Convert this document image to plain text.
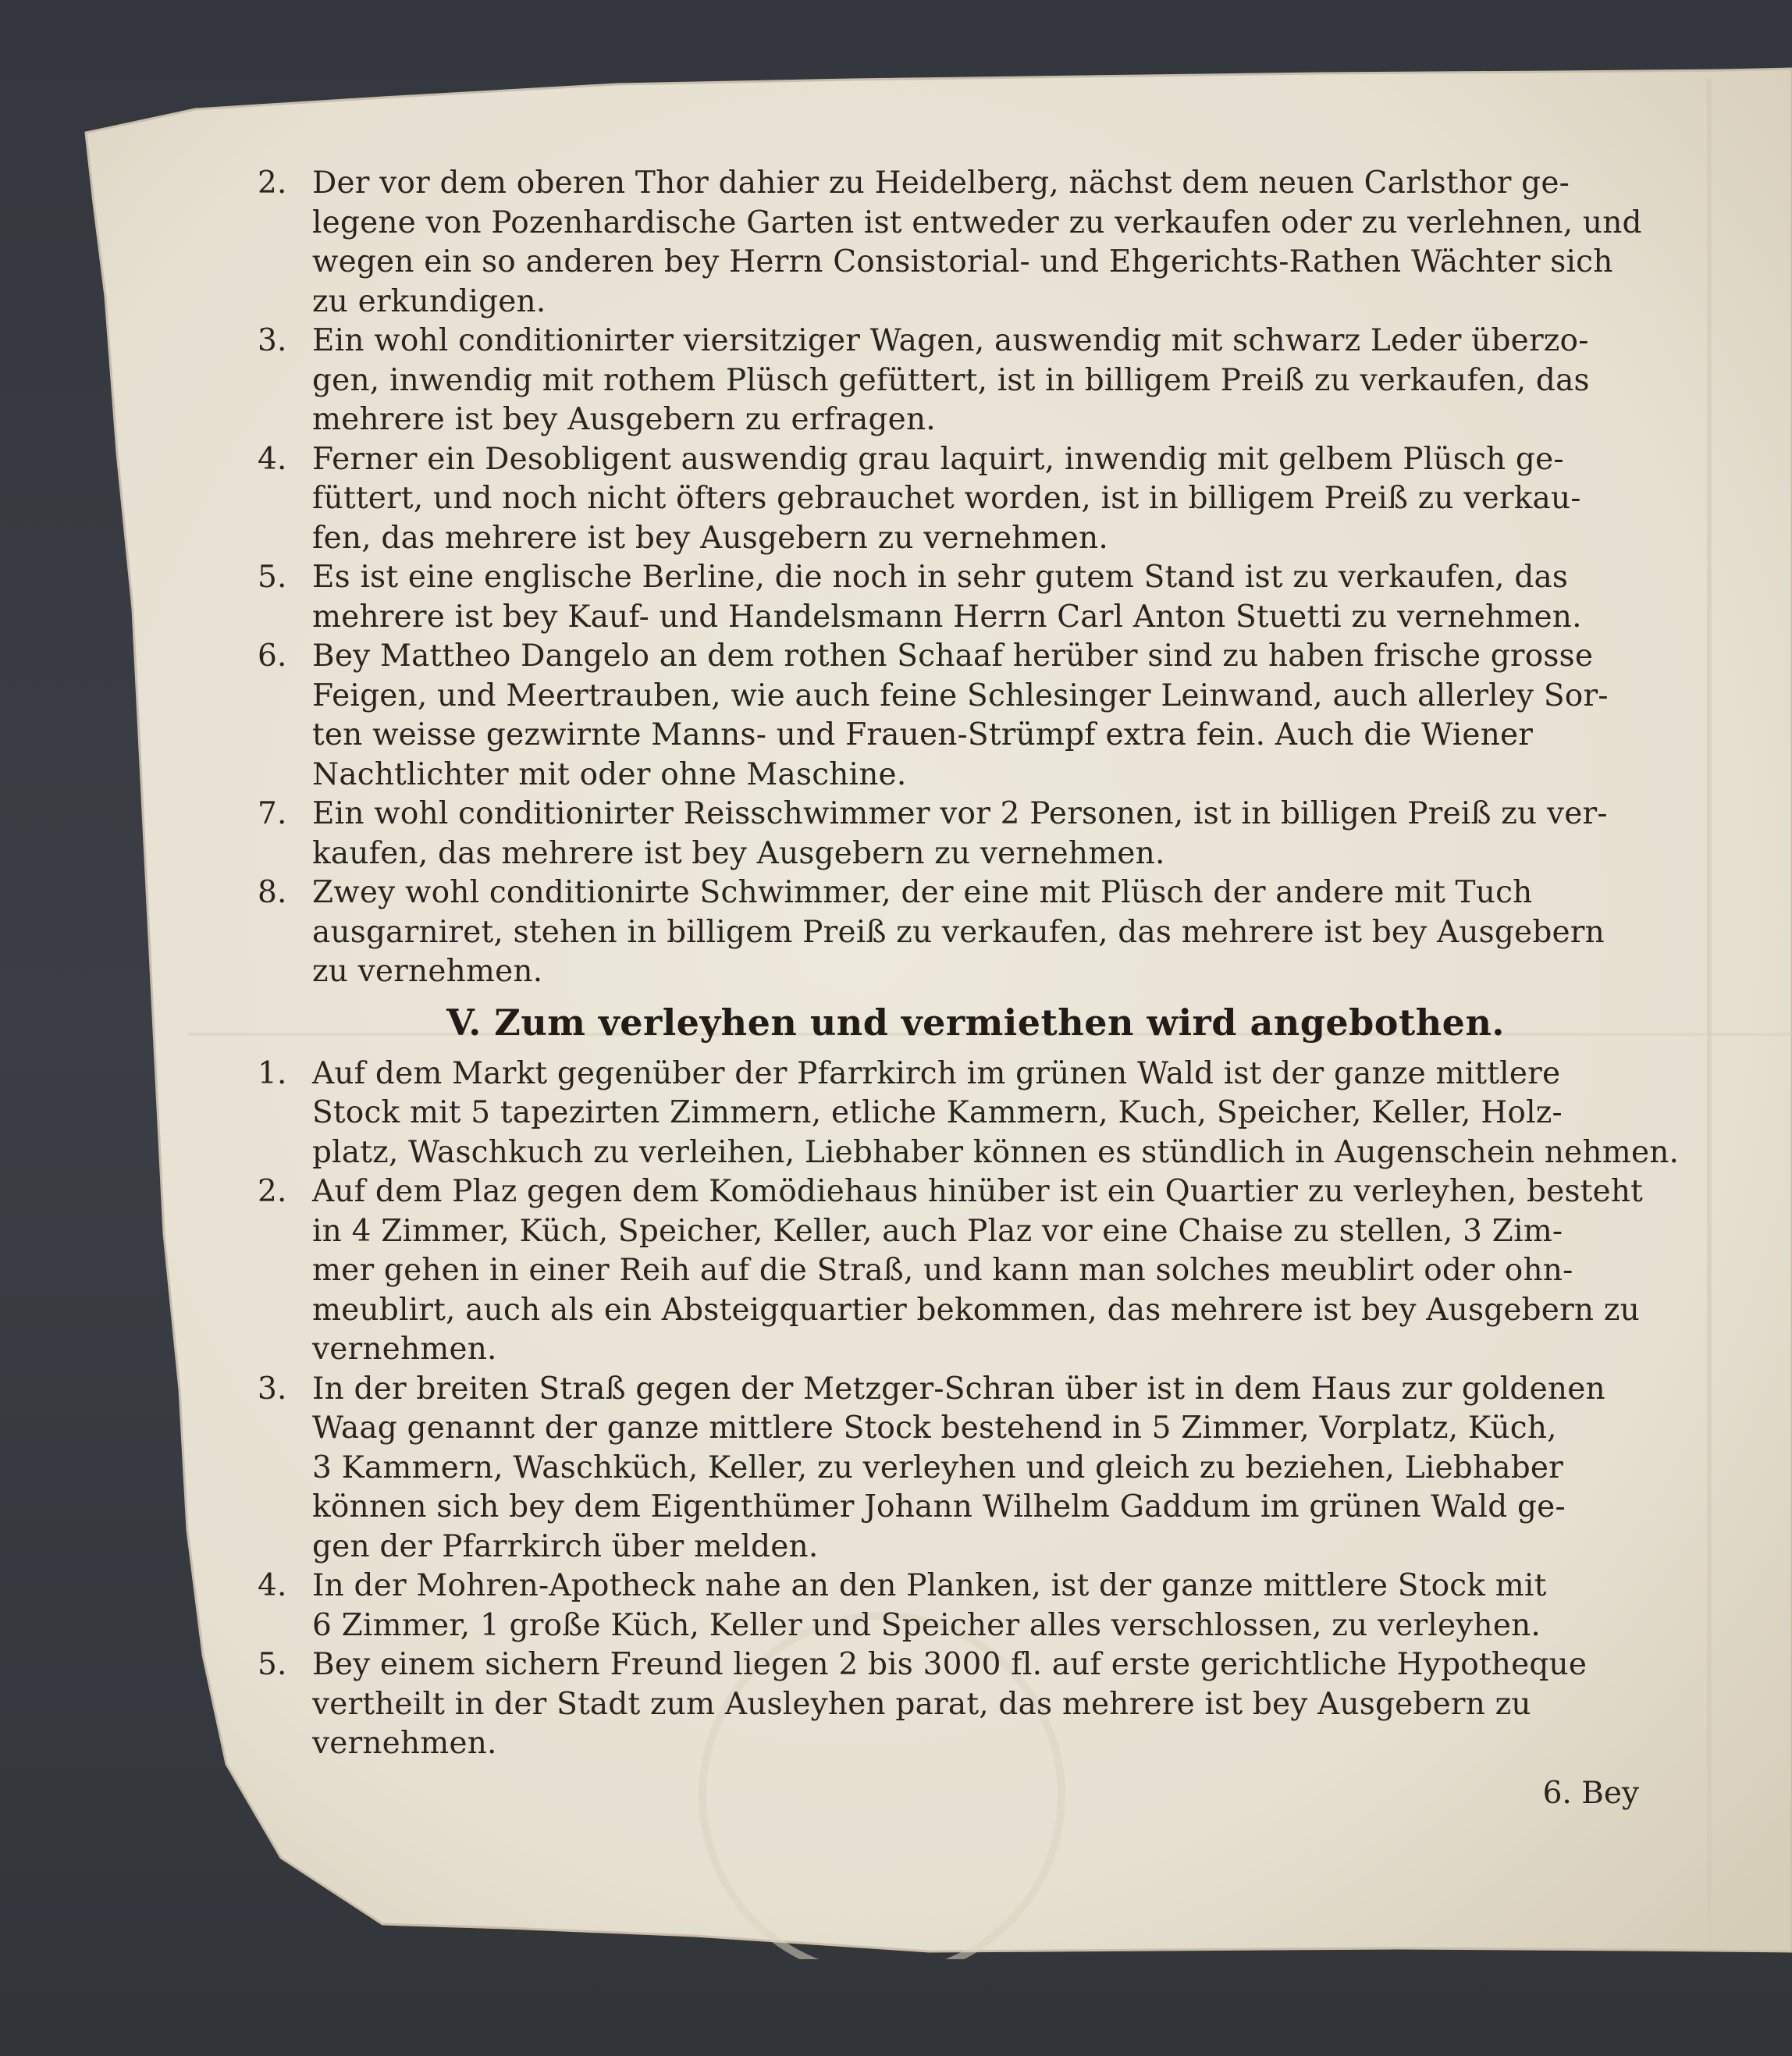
2. Der vor dem oberen Thor dahier zu Heidelberg, nächst dem neuen Carlsthor ge-
legene von Pozenhardische Garten ist entweder zu verkaufen oder zu verlehnen, und
wegen ein so anderen bey Herrn Consistorial- und Ehgerichts-Rathen Wächter sich
zu erkundigen.
3. Ein wohl conditionirter viersitziger Wagen, auswendig mit schwarz Leder überzo-
gen, inwendig mit rothem Plüsch gefüttert, ist in billigem Preiß zu verkaufen, das
mehrere ist bey Ausgebern zu erfragen.
4. Ferner ein Desobligent auswendig grau laquirt, inwendig mit gelbem Plüsch ge-
füttert, und noch nicht öfters gebrauchet worden, ist in billigem Preiß zu verkau-
fen, das mehrere ist bey Ausgebern zu vernehmen.
5. Es ist eine englische Berline, die noch in sehr gutem Stand ist zu verkaufen, das
mehrere ist bey Kauf- und Handelsmann Herrn Carl Anton Stuetti zu vernehmen.
6. Bey Mattheo Dangelo an dem rothen Schaaf herüber sind zu haben frische grosse
Feigen, und Meertrauben, wie auch feine Schlesinger Leinwand, auch allerley Sor-
ten weisse gezwirnte Manns- und Frauen-Strümpf extra fein. Auch die Wiener
Nachtlichter mit oder ohne Maschine.
7. Ein wohl conditionirter Reisschwimmer vor 2 Personen, ist in billigen Preiß zu ver-
kaufen, das mehrere ist bey Ausgebern zu vernehmen.
8. Zwey wohl conditionirte Schwimmer, der eine mit Plüsch der andere mit Tuch
ausgarniret, stehen in billigem Preiß zu verkaufen, das mehrere ist bey Ausgebern
zu vernehmen.
V. Zum verleyhen und vermiethen wird angebothen.
1. Auf dem Markt gegenüber der Pfarrkirch im grünen Wald ist der ganze mittlere
Stock mit 5 tapezirten Zimmern, etliche Kammern, Kuch, Speicher, Keller, Holz-
platz, Waschkuch zu verleihen, Liebhaber können es stündlich in Augenschein nehmen.
2. Auf dem Plaz gegen dem Komödiehaus hinüber ist ein Quartier zu verleyhen, besteht
in 4 Zimmer, Küch, Speicher, Keller, auch Plaz vor eine Chaise zu stellen, 3 Zim-
mer gehen in einer Reih auf die Straß, und kann man solches meublirt oder ohn-
meublirt, auch als ein Absteigquartier bekommen, das mehrere ist bey Ausgebern zu
vernehmen.
3. In der breiten Straß gegen der Metzger-Schran über ist in dem Haus zur goldenen
Waag genannt der ganze mittlere Stock bestehend in 5 Zimmer, Vorplatz, Küch,
3 Kammern, Waschküch, Keller, zu verleyhen und gleich zu beziehen, Liebhaber
können sich bey dem Eigenthümer Johann Wilhelm Gaddum im grünen Wald ge-
gen der Pfarrkirch über melden.
4. In der Mohren-Apotheck nahe an den Planken, ist der ganze mittlere Stock mit
6 Zimmer, 1 große Küch, Keller und Speicher alles verschlossen, zu verleyhen.
5. Bey einem sichern Freund liegen 2 bis 3000 fl. auf erste gerichtliche Hypotheque
vertheilt in der Stadt zum Ausleyhen parat, das mehrere ist bey Ausgebern zu
vernehmen.
6. Bey
